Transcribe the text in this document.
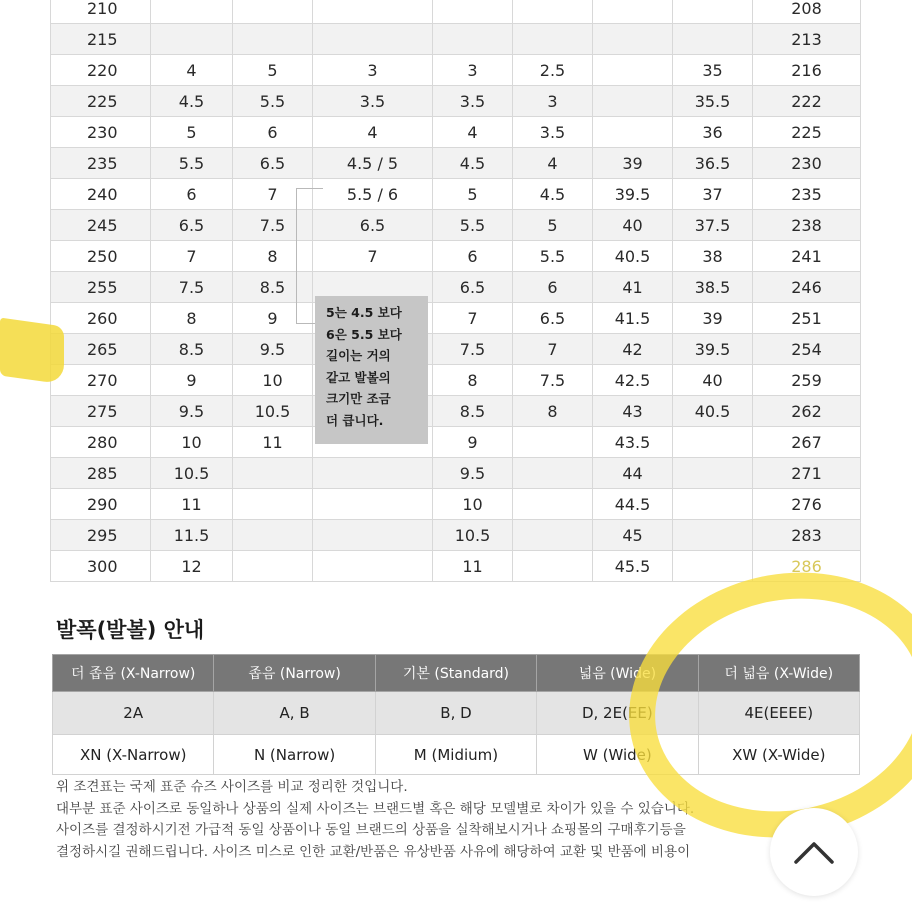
210								208
215								213
220	4	5	3	3	2.5		35	216
225	4.5	5.5	3.5	3.5	3		35.5	222
230	5	6	4	4	3.5		36	225
235	5.5	6.5	4.5 / 5	4.5	4	39	36.5	230
240	6	7	5.5 / 6	5	4.5	39.5	37	235
245	6.5	7.5	6.5	5.5	5	40	37.5	238
250	7	8	7	6	5.5	40.5	38	241
255	7.5	8.5		6.5	6	41	38.5	246
260	8	9		7	6.5	41.5	39	251
265	8.5	9.5		7.5	7	42	39.5	254
270	9	10		8	7.5	42.5	40	259
275	9.5	10.5		8.5	8	43	40.5	262
280	10	11		9		43.5		267
285	10.5			9.5		44		271
290	11			10		44.5		276
295	11.5			10.5		45		283
300	12			11		45.5		286
5는 4.5 보다
6은 5.5 보다
길이는 거의
같고 발볼의
크기만 조금
더 큽니다.
발폭(발볼) 안내
더 좁음 (X-Narrow)	좁음 (Narrow)	기본 (Standard)	넓음 (Wide)	더 넓음 (X-Wide)
2A	A, B	B, D	D, 2E(EE)	4E(EEEE)
XN (X-Narrow)	N (Narrow)	M (Midium)	W (Wide)	XW (X-Wide)
위 조견표는 국제 표준 슈즈 사이즈를 비교 정리한 것입니다.
대부분 표준 사이즈로 동일하나 상품의 실제 사이즈는 브랜드별 혹은 해당 모델별로 차이가 있을 수 있습니다.
사이즈를 결정하시기전 가급적 동일 상품이나 동일 브랜드의 상품을 실착해보시거나 쇼핑몰의 구매후기등을
결정하시길 권해드립니다. 사이즈 미스로 인한 교환/반품은 유상반품 사유에 해당하여 교환 및 반품에 비용이
